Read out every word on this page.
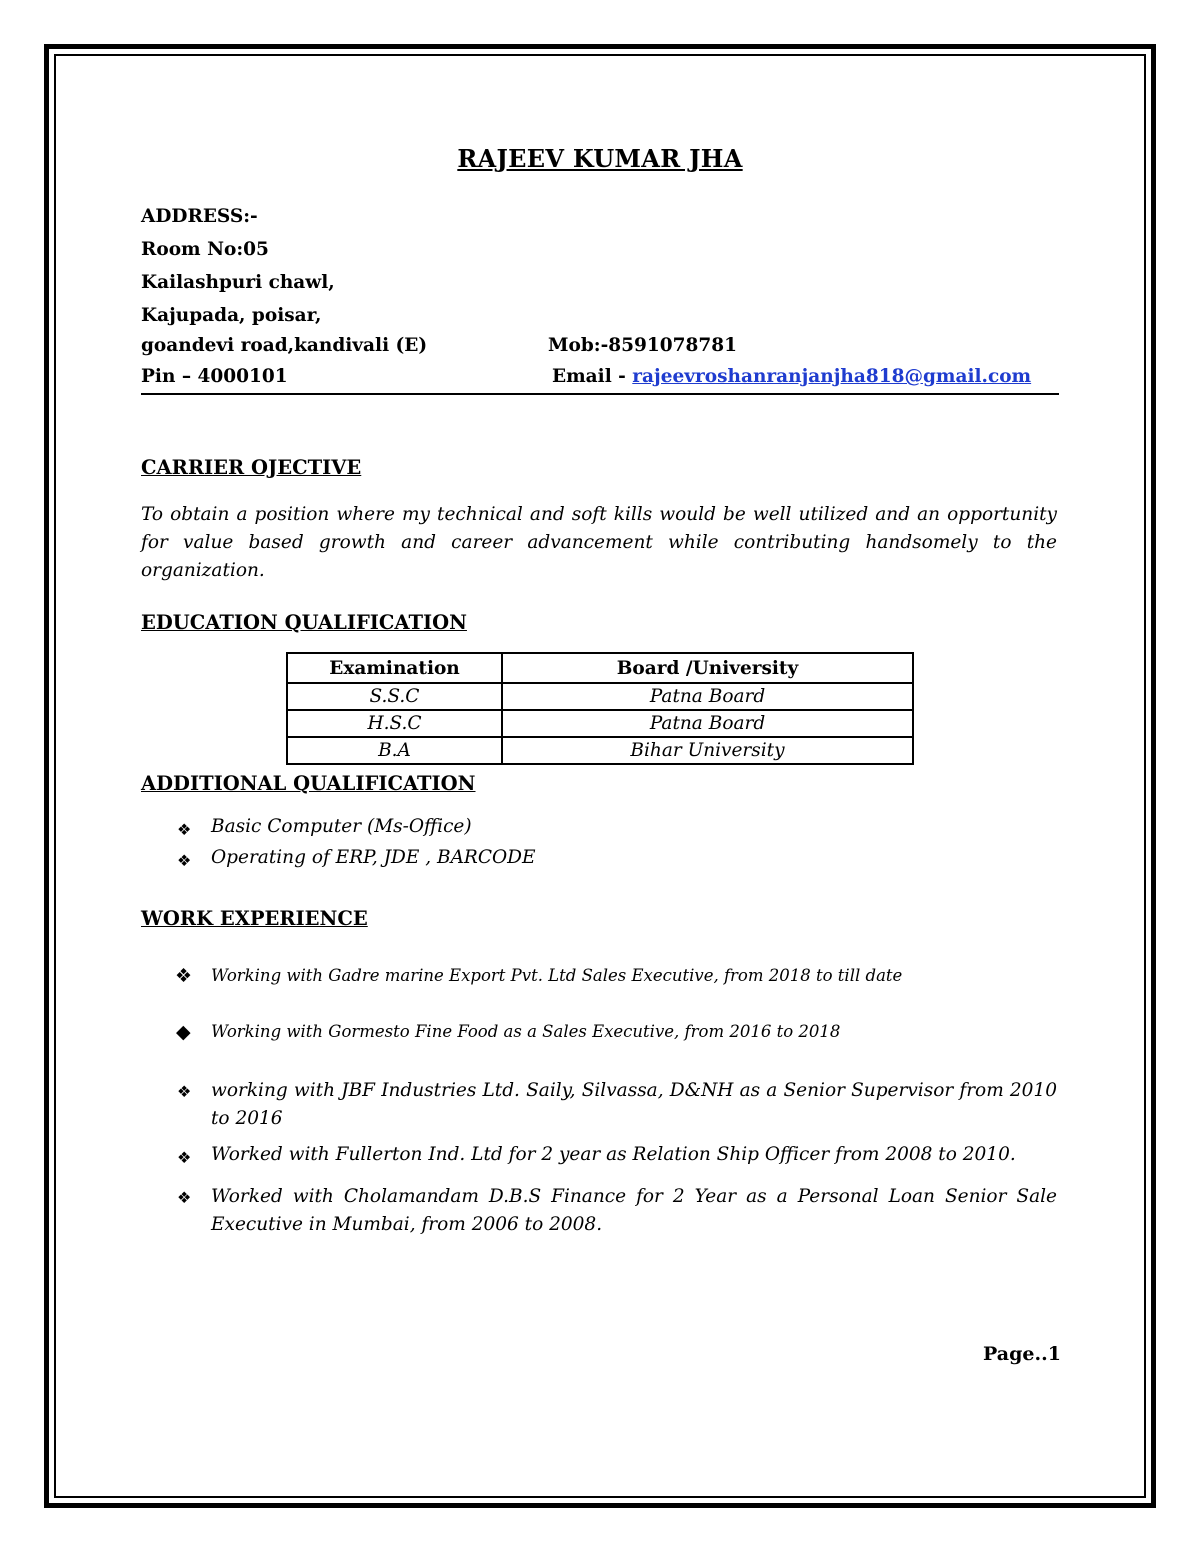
RAJEEV KUMAR JHA
ADDRESS:-
Room No:05
Kailashpuri chawl,
Kajupada, poisar,
goandevi road,kandivali (E)
Pin – 4000101
Mob:-8591078781
Email - rajeevroshanranjanjha818@gmail.com
CARRIER OJECTIVE
To obtain a position where my technical and soft kills would be well utilized and an opportunity for value based growth and career advancement while contributing handsomely to the organization.
EDUCATION QUALIFICATION
Examination	Board /University
S.S.C	Patna Board
H.S.C	Patna Board
B.A	Bihar University
ADDITIONAL QUALIFICATION
❖ Basic Computer (Ms-Office)
❖ Operating of ERP, JDE , BARCODE
WORK EXPERIENCE
❖ Working with Gadre marine Export Pvt. Ltd Sales Executive, from 2018 to till date
◆ Working with Gormesto Fine Food as a Sales Executive, from 2016 to 2018
❖ working with JBF Industries Ltd. Saily, Silvassa, D&NH as a Senior Supervisor from 2010 to 2016
❖ Worked with Fullerton Ind. Ltd for 2 year as Relation Ship Officer from 2008 to 2010.
❖ Worked with Cholamandam D.B.S Finance for 2 Year as a Personal Loan Senior Sale Executive in Mumbai, from 2006 to 2008.
Page..1
